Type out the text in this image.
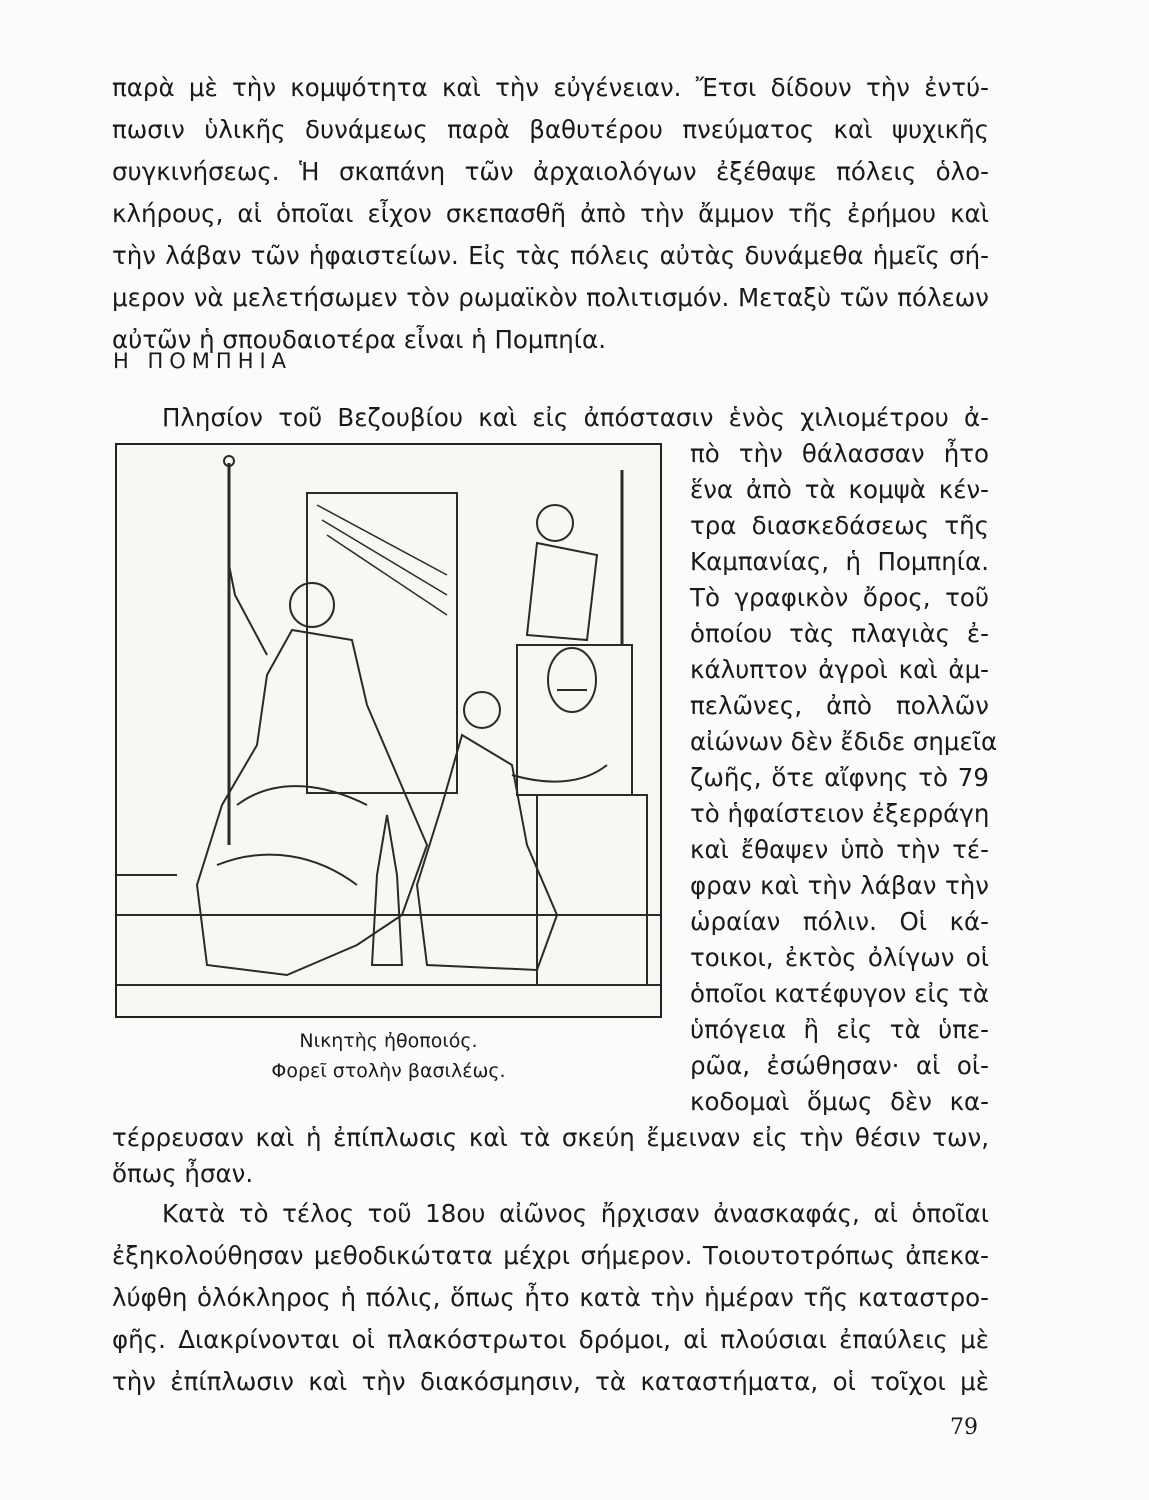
παρὰ μὲ τὴν κομψότητα καὶ τὴν εὐγένειαν. Ἔτσι δίδουν τὴν ἐντύ-
πωσιν ὑλικῆς δυνάμεως παρὰ βαθυτέρου πνεύματος καὶ ψυχικῆς
συγκινήσεως. Ἡ σκαπάνη τῶν ἀρχαιολόγων ἐξέθαψε πόλεις ὁλο-
κλήρους, αἱ ὁποῖαι εἶχον σκεπασθῆ ἀπὸ τὴν ἄμμον τῆς ἐρήμου καὶ
τὴν λάβαν τῶν ἡφαιστείων. Εἰς τὰς πόλεις αὐτὰς δυνάμεθα ἡμεῖς σή-
μερον νὰ μελετήσωμεν τὸν ρωμαϊκὸν πολιτισμόν. Μεταξὺ τῶν πόλεων
αὐτῶν ἡ σπουδαιοτέρα εἶναι ἡ Πομπηία.
Η ΠΟΜΠΗΙΑ
Πλησίον τοῦ Βεζουβίου καὶ εἰς ἀπόστασιν ἑνὸς χιλιομέτρου ἀ-
πὸ τὴν θάλασσαν ἦτο
ἕνα ἀπὸ τὰ κομψὰ κέν-
τρα διασκεδάσεως τῆς
Καμπανίας, ἡ Πομπηία.
Τὸ γραφικὸν ὄρος, τοῦ
ὁποίου τὰς πλαγιὰς ἐ-
κάλυπτον ἀγροὶ καὶ ἀμ-
πελῶνες, ἀπὸ πολλῶν
αἰώνων δὲν ἔδιδε σημεῖα
ζωῆς, ὅτε αἴφνης τὸ 79
τὸ ἡφαίστειον ἐξερράγη
καὶ ἔθαψεν ὑπὸ τὴν τέ-
φραν καὶ τὴν λάβαν τὴν
ὡραίαν πόλιν. Οἱ κά-
τοικοι, ἐκτὸς ὀλίγων οἱ
ὁποῖοι κατέφυγον εἰς τὰ
ὑπόγεια ἢ εἰς τὰ ὑπε-
ρῶα, ἐσώθησαν· αἱ οἰ-
κοδομαὶ ὅμως δὲν κα-
τέρρευσαν καὶ ἡ ἐπίπλωσις καὶ τὰ σκεύη ἔμειναν εἰς τὴν θέσιν των,
ὅπως ἦσαν.
Νικητὴς ἠθοποιός.
Φορεῖ στολὴν βασιλέως.
Κατὰ τὸ τέλος τοῦ 18ου αἰῶνος ἤρχισαν ἀνασκαφάς, αἱ ὁποῖαι
ἐξηκολούθησαν μεθοδικώτατα μέχρι σήμερον. Τοιουτοτρόπως ἀπεκα-
λύφθη ὁλόκληρος ἡ πόλις, ὅπως ἦτο κατὰ τὴν ἡμέραν τῆς καταστρο-
φῆς. Διακρίνονται οἱ πλακόστρωτοι δρόμοι, αἱ πλούσιαι ἐπαύλεις μὲ
τὴν ἐπίπλωσιν καὶ τὴν διακόσμησιν, τὰ καταστήματα, οἱ τοῖχοι μὲ
79
